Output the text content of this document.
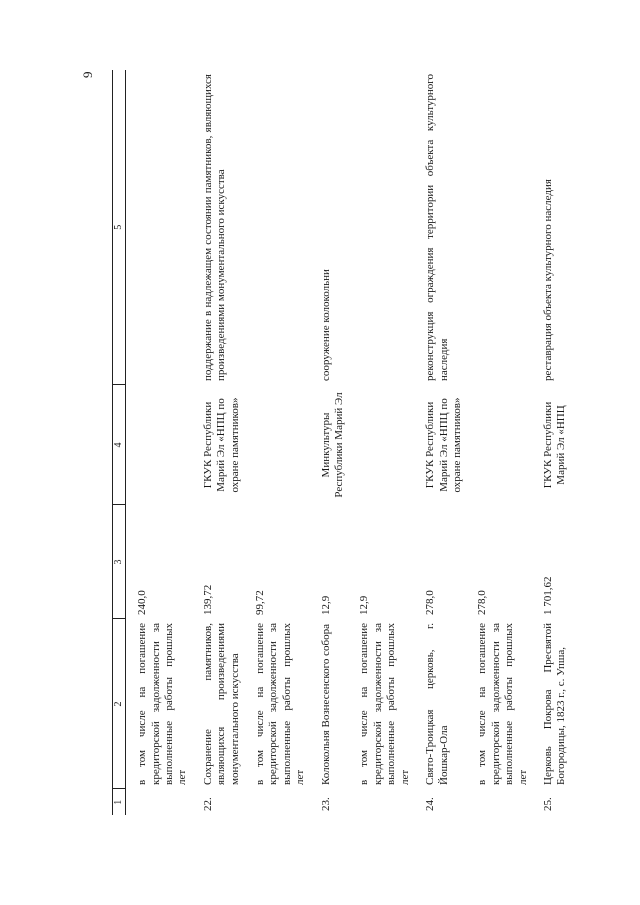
9
1	2	3	4	5
	в том числе на погашение кредиторской задолженности за выполненные работы прошлых лет	240,0		
22.	Сохранение памятников, являющихся произведениями монументального искусства	139,72	ГКУК Республики Марий Эл «НПЦ по охране памятников»	поддержание в надлежащем состоянии памятников, являющихся произведениями монументального искусства
	в том числе на погашение кредиторской задолженности за выполненные работы прошлых лет	99,72		
23.	Колокольня Вознесенского собора	12,9	Минкультуры Республики Марий Эл	сооружение колокольни
	в том числе на погашение кредиторской задолженности за выполненные работы прошлых лет	12,9		
24.	Свято-Троицкая церковь, г. Йошкар-Ола	278,0	ГКУК Республики Марий Эл «НПЦ по охране памятников»	реконструкция ограждения территории объекта культурного наследия
	в том числе на погашение кредиторской задолженности за выполненные работы прошлых лет	278,0		
25.	Церковь Покрова Пресвятой Богородицы, 1823 г., с. Упша,	1 701,62	ГКУК Республики Марий Эл «НПЦ	реставрация объекта культурного наследия
